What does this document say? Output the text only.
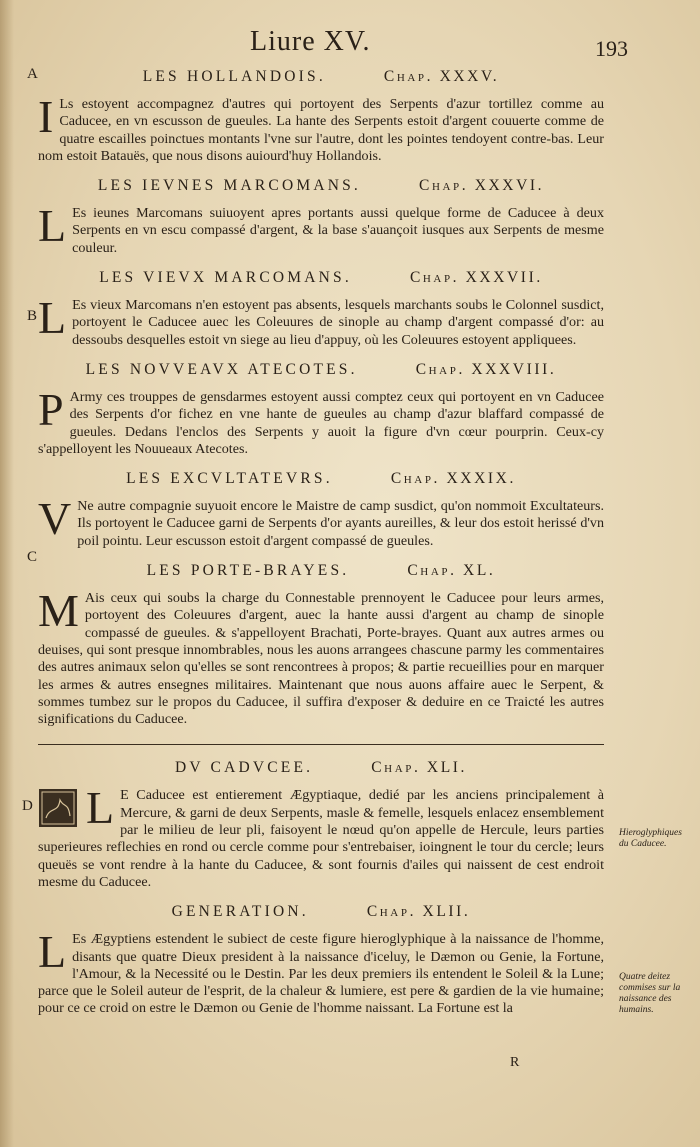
Liure XV.	193
A
B
C
D
LES HOLLANDOIS.	Chap. XXXV.

I Ls estoyent accompagnez d'autres qui portoyent des Serpents d'azur tortillez comme au Caducee, en vn escusson de gueules. La hante des Serpents estoit d'argent couuerte comme de quatre escailles poinctues montants l'vne sur l'autre, dont les pointes tendoyent contre-bas. Leur nom estoit Batauës, que nous disons auiourd'huy Hollandois.

LES IEVNES MARCOMANS.	Chap. XXXVI.

L Es ieunes Marcomans suiuoyent apres portants aussi quelque forme de Caducee à deux Serpents en vn escu compassé d'argent, & la base s'auançoit iusques aux Serpents de mesme couleur.

LES VIEVX MARCOMANS.	Chap. XXXVII.

L Es vieux Marcomans n'en estoyent pas absents, lesquels marchants soubs le Colonnel susdict, portoyent le Caducee auec les Coleuures de sinople au champ d'argent compassé d'or: au dessoubs desquelles estoit vn siege au lieu d'appuy, où les Coleuures estoyent appliquees.

LES NOVVEAVX ATECOTES.	Chap. XXXVIII.

P Army ces trouppes de gensdarmes estoyent aussi comptez ceux qui portoyent en vn Caducee des Serpents d'or fichez en vne hante de gueules au champ d'azur blaffard compassé de gueules. Dedans l'enclos des Serpents y auoit la figure d'vn cœur pourprin. Ceux-cy s'appelloyent les Nouueaux Atecotes.

LES EXCVLTATEVRS.	Chap. XXXIX.

V Ne autre compagnie suyuoit encore le Maistre de camp susdict, qu'on nommoit Excultateurs. Ils portoyent le Caducee garni de Serpents d'or ayants aureilles, & leur dos estoit herissé d'vn poil pointu. Leur escusson estoit d'argent compassé de gueules.

LES PORTE-BRAYES.	Chap. XL.

M Ais ceux qui soubs la charge du Connestable prennoyent le Caducee pour leurs armes, portoyent des Coleuures d'argent, auec la hante aussi d'argent au champ de sinople compassé de gueules. & s'appelloyent Brachati, Porte-brayes. Quant aux autres armes ou deuises, qui sont presque innombrables, nous les auons arrangees chascune parmy les commentaires des autres animaux selon qu'elles se sont rencontrees à propos; & partie recueillies pour en marquer les armes & autres ensegnes militaires. Maintenant que nous auons affaire auec le Serpent, & sommes tumbez sur le propos du Caducee, il suffira d'exposer & deduire en ce Traicté les autres significations du Caducee.

DV CADVCEE.	Chap. XLI.

L E Caducee est entierement Ægyptiaque, dedié par les anciens principalement à Mercure, & garni de deux Serpents, masle & femelle, lesquels enlacez ensemblement par le milieu de leur pli, faisoyent le nœud qu'on appelle de Hercule, leurs parties superieures reflechies en rond ou cercle comme pour s'entrebaiser, ioingnent le tour du cercle; leurs queuës se vont rendre à la hante du Caducee, & sont fournis d'ailes qui naissent de cest endroit mesme du Caducee.

GENERATION.	Chap. XLII.

L Es Ægyptiens estendent le subiect de ceste figure hieroglyphique à la naissance de l'homme, disants que quatre Dieux president à la naissance d'iceluy, le Dæmon ou Genie, la Fortune, l'Amour, & la Necessité ou le Destin. Par les deux premiers ils entendent le Soleil & la Lune; parce que le Soleil auteur de l'esprit, de la chaleur & lumiere, est pere & gardien de la vie humaine; pour ce ce croid on estre le Dæmon ou Genie de l'homme naissant. La Fortune est la

Hieroglyphiques du Caducee.
Quatre deitez commises sur la naissance des humains.
R
